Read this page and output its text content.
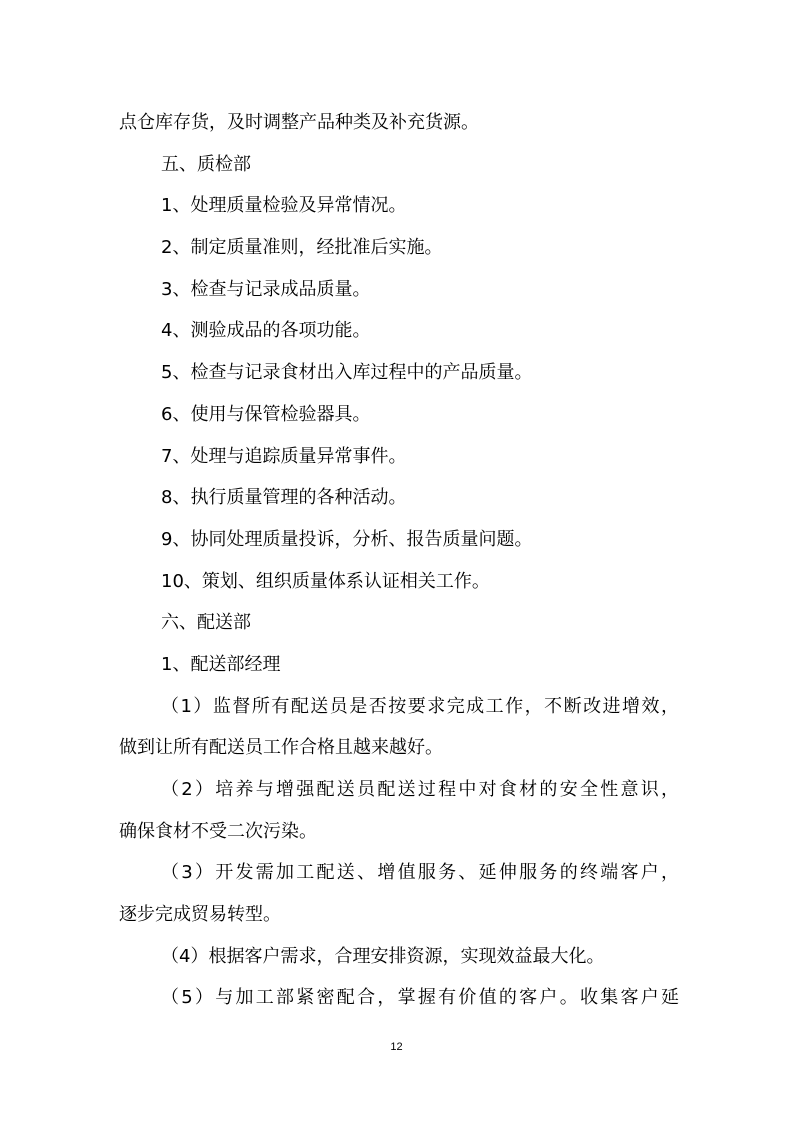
点仓库存货，及时调整产品种类及补充货源。
五、质检部
1、处理质量检验及异常情况。
2、制定质量准则，经批准后实施。
3、检查与记录成品质量。
4、测验成品的各项功能。
5、检查与记录食材出入库过程中的产品质量。
6、使用与保管检验器具。
7、处理与追踪质量异常事件。
8、执行质量管理的各种活动。
9、协同处理质量投诉，分析、报告质量问题。
10、策划、组织质量体系认证相关工作。
六、配送部
1、配送部经理
（1）监督所有配送员是否按要求完成工作，不断改进增效，
做到让所有配送员工作合格且越来越好。
（2）培养与增强配送员配送过程中对食材的安全性意识，
确保食材不受二次污染。
（3）开发需加工配送、增值服务、延伸服务的终端客户，
逐步完成贸易转型。
（4）根据客户需求，合理安排资源，实现效益最大化。
（5）与加工部紧密配合，掌握有价值的客户。收集客户延
12
